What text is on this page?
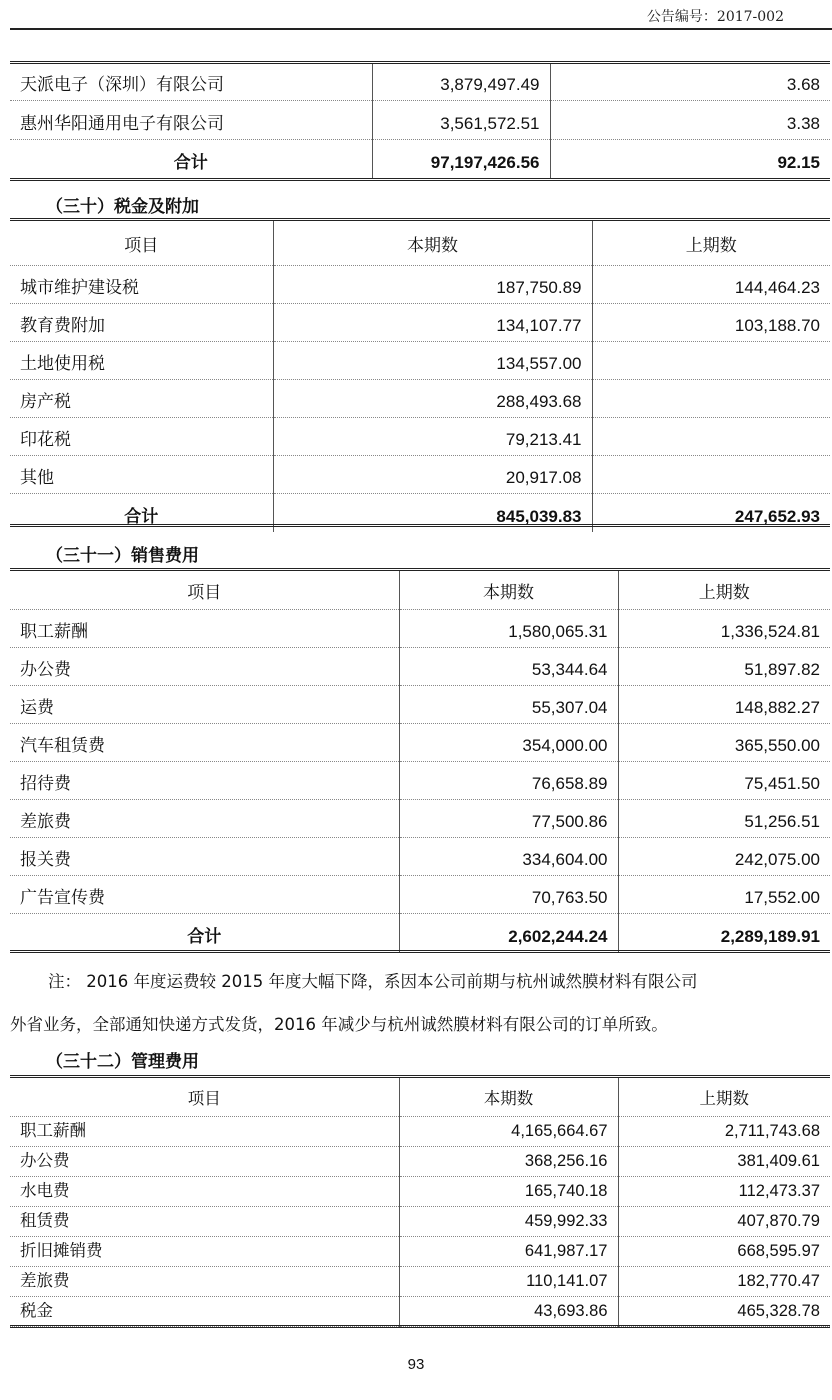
公告编号：2017-002
天派电子（深圳）有限公司	3,879,497.49	3.68
惠州华阳通用电子有限公司	3,561,572.51	3.38
合计	97,197,426.56	92.15
（三十）税金及附加
项目	本期数	上期数
城市维护建设税	187,750.89	144,464.23
教育费附加	134,107.77	103,188.70
土地使用税	134,557.00	
房产税	288,493.68	
印花税	79,213.41	
其他	20,917.08	
合计	845,039.83	247,652.93
（三十一）销售费用
项目	本期数	上期数
职工薪酬	1,580,065.31	1,336,524.81
办公费	53,344.64	51,897.82
运费	55,307.04	148,882.27
汽车租赁费	354,000.00	365,550.00
招待费	76,658.89	75,451.50
差旅费	77,500.86	51,256.51
报关费	334,604.00	242,075.00
广告宣传费	70,763.50	17,552.00
合计	2,602,244.24	2,289,189.91
注： 2016 年度运费较 2015 年度大幅下降，系因本公司前期与杭州诚然膜材料有限公司
外省业务，全部通知快递方式发货，2016 年减少与杭州诚然膜材料有限公司的订单所致。
（三十二）管理费用
项目	本期数	上期数
职工薪酬	4,165,664.67	2,711,743.68
办公费	368,256.16	381,409.61
水电费	165,740.18	112,473.37
租赁费	459,992.33	407,870.79
折旧摊销费	641,987.17	668,595.97
差旅费	110,141.07	182,770.47
税金	43,693.86	465,328.78
93
